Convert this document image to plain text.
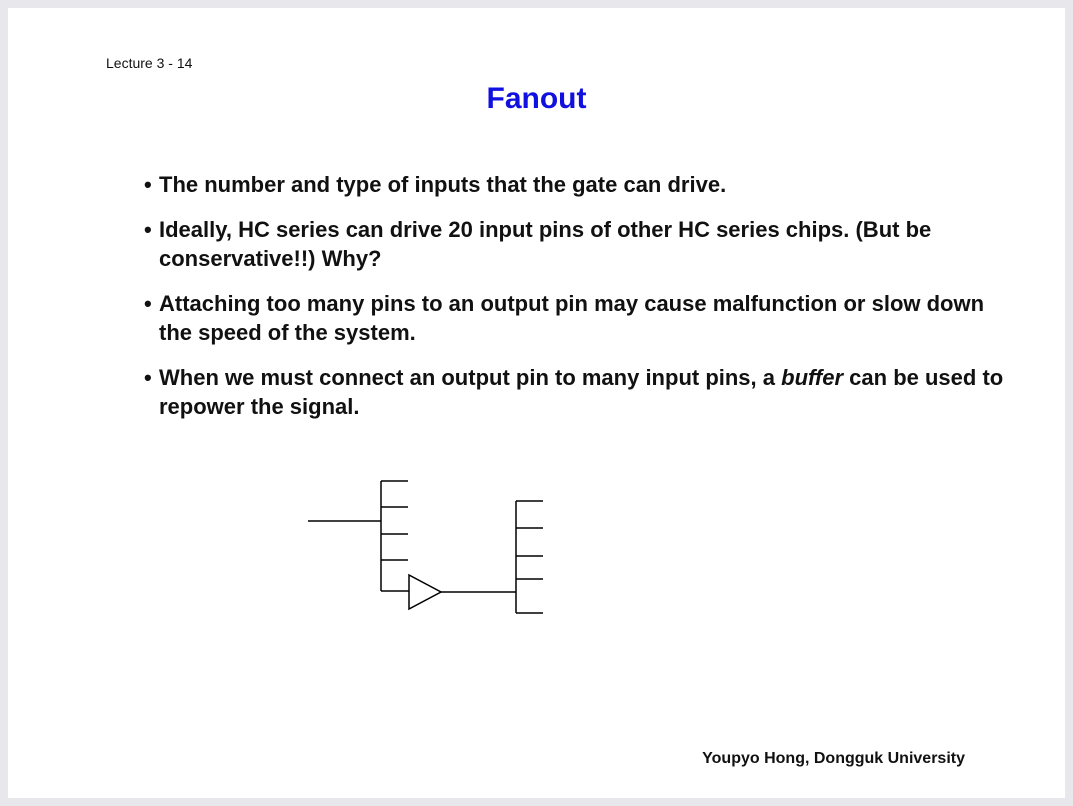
Lecture 3 - 14
Fanout
• The number and type of inputs that the gate can drive.
• Ideally, HC series can drive 20 input pins of other HC series chips. (But be conservative!!) Why?
• Attaching too many pins to an output pin may cause malfunction or slow down the speed of the system.
• When we must connect an output pin to many input pins, a buffer can be used to repower the signal.
Youpyo Hong, Dongguk University
